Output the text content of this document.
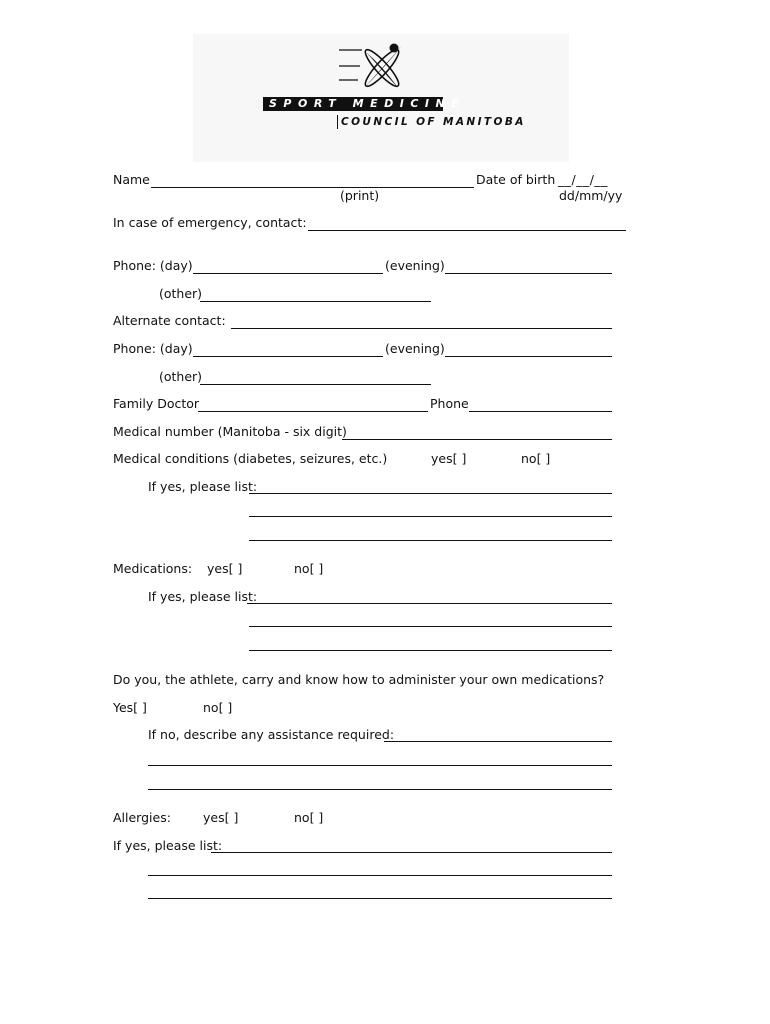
SPORT MEDICINE
COUNCIL OF MANITOBA
Name	Date of birth __/__/__
(print)	dd/mm/yy
In case of emergency, contact:
Phone: (day)	(evening)
(other)
Alternate contact:
Phone: (day)	(evening)
(other)
Family Doctor	Phone
Medical number (Manitoba - six digit)
Medical conditions (diabetes, seizures, etc.)	yes[ ]	no[ ]
If yes, please list:
Medications: yes[ ]	no[ ]
If yes, please list:
Do you, the athlete, carry and know how to administer your own medications?
Yes[ ]	no[ ]
If no, describe any assistance required:
Allergies:	yes[ ]	no[ ]
If yes, please list:
